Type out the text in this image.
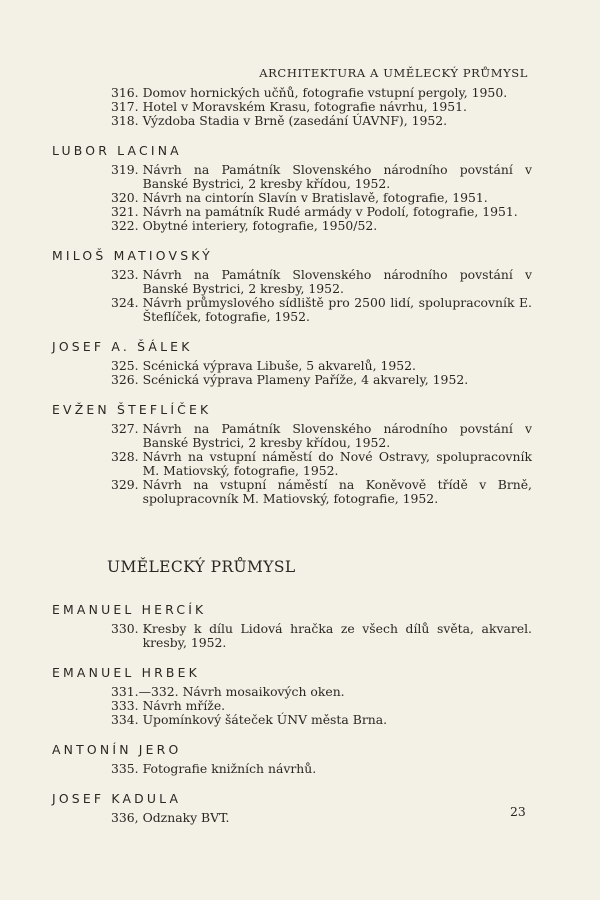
ARCHITEKTURA A UMĚLECKÝ PRŮMYSL
316. Domov hornických učňů, fotografie vstupní pergoly, 1950.
317. Hotel v Moravském Krasu, fotografie návrhu, 1951.
318. Výzdoba Stadia v Brně (zasedání ÚAVNF), 1952.
LUBOR LACINA
319. Návrh na Památník Slovenského národního povstání v Banské Bystrici, 2 kresby křídou, 1952.
320. Návrh na cintorín Slavín v Bratislavě, fotografie, 1951.
321. Návrh na památník Rudé armády v Podolí, fotografie, 1951.
322. Obytné interiery, fotografie, 1950/52.
MILOŠ MATIOVSKÝ
323. Návrh na Památník Slovenského národního povstání v Banské Bystrici, 2 kresby, 1952.
324. Návrh průmyslového sídliště pro 2500 lidí, spolupracovník E. Šteflíček, fotografie, 1952.
JOSEF A. ŠÁLEK
325. Scénická výprava Libuše, 5 akvarelů, 1952.
326. Scénická výprava Plameny Paříže, 4 akvarely, 1952.
EVŽEN ŠTEFLÍČEK
327. Návrh na Památník Slovenského národního povstání v Banské Bystrici, 2 kresby křídou, 1952.
328. Návrh na vstupní náměstí do Nové Ostravy, spolupracovník M. Matiovský, fotografie, 1952.
329. Návrh na vstupní náměstí na Koněvově třídě v Brně, spolupracovník M. Matiovský, fotografie, 1952.
UMĚLECKÝ PRŮMYSL
EMANUEL HERCÍK
330. Kresby k dílu Lidová hračka ze všech dílů světa, akvarel. kresby, 1952.
EMANUEL HRBEK
331.—332. Návrh mosaikových oken.
333. Návrh mříže.
334. Upomínkový šáteček ÚNV města Brna.
ANTONÍN JERO
335. Fotografie knižních návrhů.
JOSEF KADULA
336, Odznaky BVT.	23
